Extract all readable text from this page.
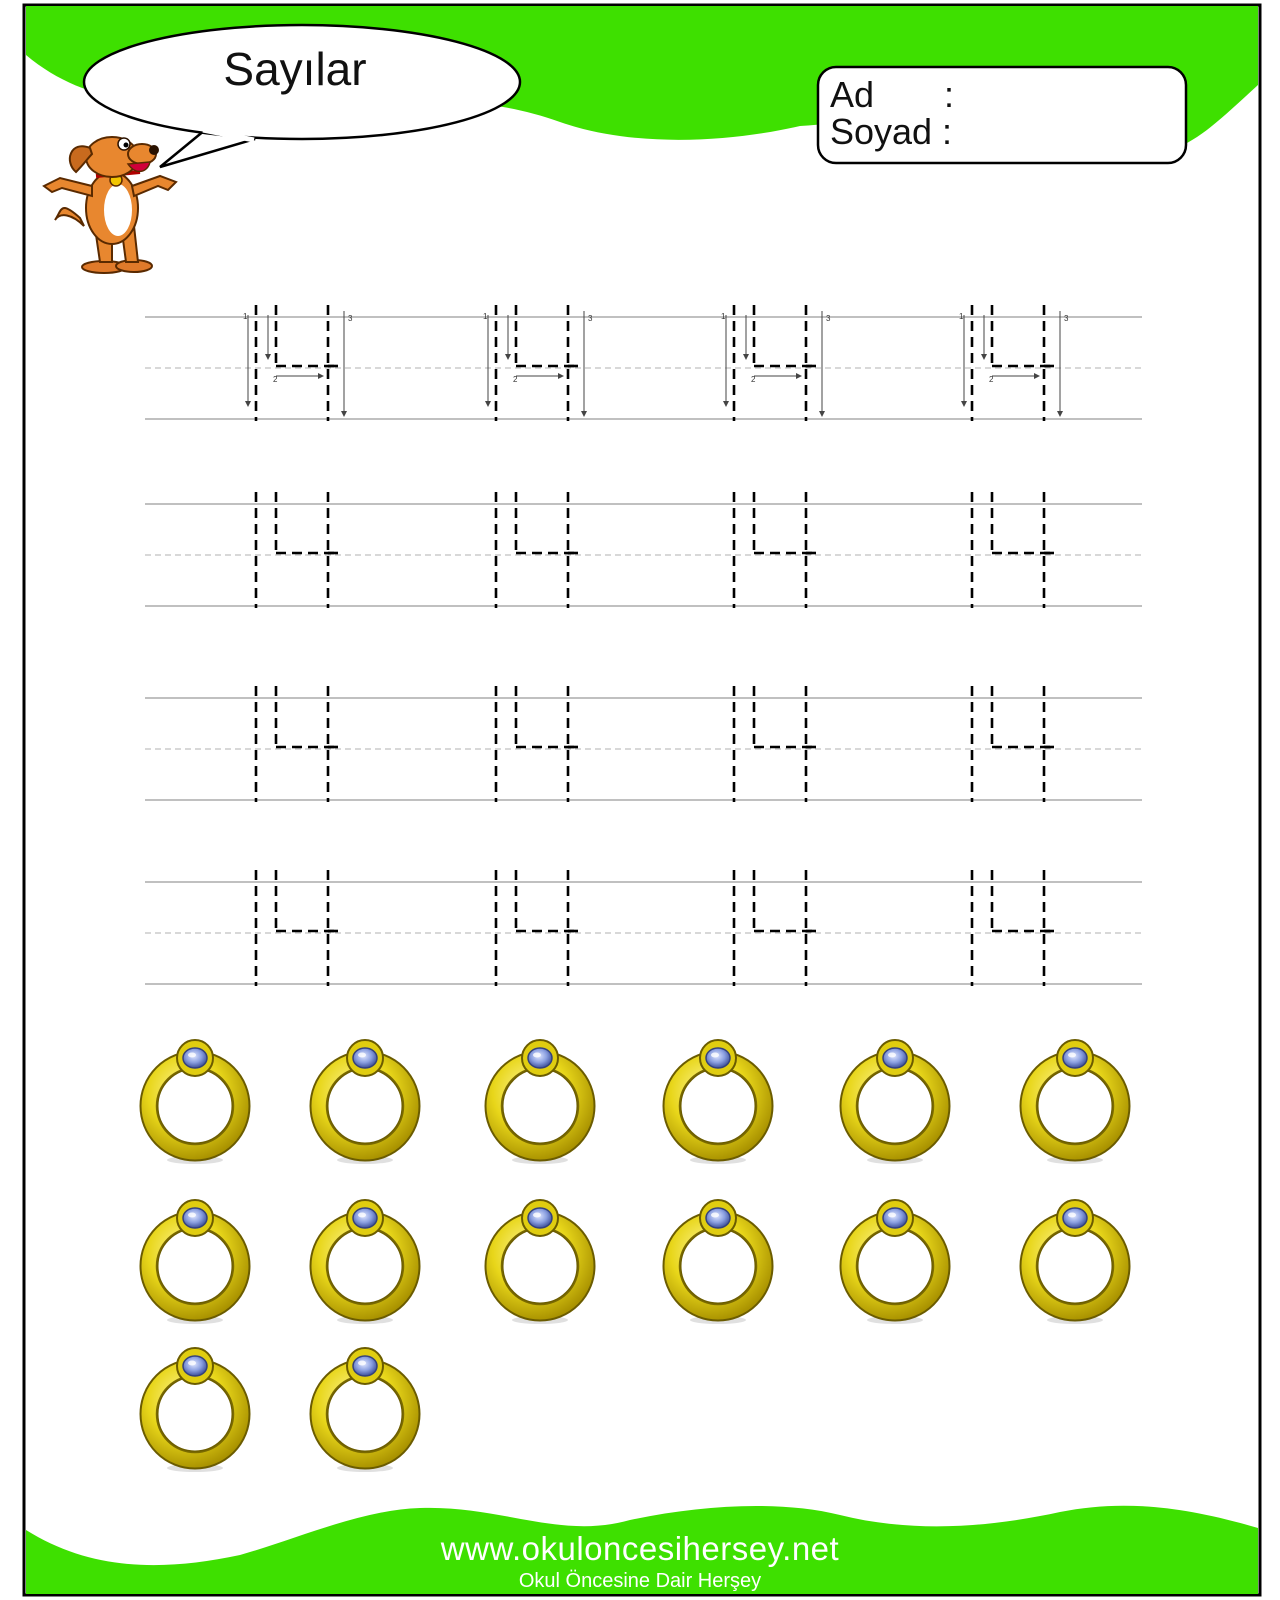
1
2
3	1
2
3	1
2
3	1
2
3
Sayılar	Ad :
Soyad :
www.okuloncesihersey.net
Okul Öncesine Dair Herşey
